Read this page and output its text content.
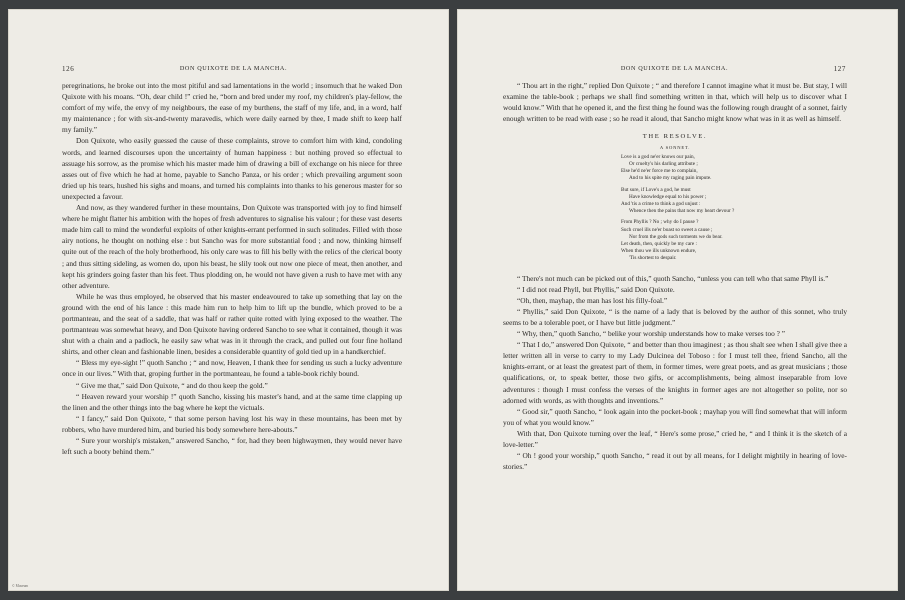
126	DON QUIXOTE DE LA MANCHA.

peregrinations, he broke out into the most pitiful and sad lamentations in the world ; insomuch that he waked Don Quixote with his moans. “Oh, dear child !” cried he, “born and bred under my roof, my children's play-fellow, the comfort of my wife, the envy of my neighbours, the ease of my burthens, the staff of my life, and, in a word, half my maintenance ; for with six-and-twenty maravedis, which were daily earned by thee, I made shift to keep half my family.”

Don Quixote, who easily guessed the cause of these complaints, strove to comfort him with kind, condoling words, and learned discourses upon the uncertainty of human happiness : but nothing proved so effectual to assuage his sorrow, as the promise which his master made him of drawing a bill of exchange on his niece for three asses out of five which he had at home, payable to Sancho Panza, or his order ; which prevailing argument soon dried up his tears, hushed his sighs and moans, and turned his complaints into thanks to his generous master for so unexpected a favour.

And now, as they wandered further in these mountains, Don Quixote was transported with joy to find himself where he might flatter his ambition with the hopes of fresh adventures to signalise his valour ; for these vast deserts made him call to mind the wonderful exploits of other knights-errant performed in such solitudes. Filled with those airy notions, he thought on nothing else : but Sancho was for more substantial food ; and now, thinking himself quite out of the reach of the holy brotherhood, his only care was to fill his belly with the relics of the clerical booty ; and thus sitting sideling, as women do, upon his beast, he slily took out now one piece of meat, then another, and kept his grinders going faster than his feet. Thus plodding on, he would not have given a rush to have met with any other adventure.

While he was thus employed, he observed that his master endeavoured to take up something that lay on the ground with the end of his lance : this made him run to help him to lift up the bundle, which proved to be a portmanteau, and the seat of a saddle, that was half or rather quite rotted with lying exposed to the weather. The portmanteau was somewhat heavy, and Don Quixote having ordered Sancho to see what it contained, though it was shut with a chain and a padlock, he easily saw what was in it through the crack, and pulled out four fine holland shirts, and other clean and fashionable linen, besides a considerable quantity of gold tied up in a handkerchief.

“ Bless my eye-sight !” quoth Sancho ; “ and now, Heaven, I thank thee for sending us such a lucky adventure once in our lives.” With that, groping further in the portmanteau, he found a table-book richly bound.

“ Give me that,” said Don Quixote, “ and do thou keep the gold.”

“ Heaven reward your worship !” quoth Sancho, kissing his master's hand, and at the same time clapping up the linen and the other things into the bag where he kept the victuals.

“ I fancy,” said Don Quixote, “ that some person having lost his way in these mountains, has been met by robbers, who have murdered him, and buried his body somewhere here-abouts.”

“ Sure your worship's mistaken,” answered Sancho, “ for, had they been highwaymen, they would never have left such a booty behind them.”

© Museum
DON QUIXOTE DE LA MANCHA.	127

“ Thou art in the right,” replied Don Quixote ; “ and therefore I cannot imagine what it must be. But stay, I will examine the table-book ; perhaps we shall find something written in that, which will help us to discover what I would know.” With that he opened it, and the first thing he found was the following rough draught of a sonnet, fairly enough written to be read with ease ; so he read it aloud, that Sancho might know what was in it as well as himself.

THE RESOLVE.
A SONNET.
Love is a god ne'er knows our pain,
Or cruelty's his darling attribute ;
Else he'd ne'er force me to complain,
And to his spite my raging pain impute.
But sure, if Love's a god, he must
Have knowledge equal to his power ;
And 'tis a crime to think a god unjust :
Whence then the pains that now my heart devour ?
From Phyllis ? No ; why do I pause ?
Such cruel ills ne'er boast so sweet a cause ;
Nor from the gods such torments we do bear.
Let death, then, quickly be my care :
When thou we ills unknown endure,
'Tis shortest to despair.

“ There's not much can be picked out of this,” quoth Sancho, “unless you can tell who that same Phyll is.”

“ I did not read Phyll, but Phyllis,” said Don Quixote.

“Oh, then, mayhap, the man has lost his filly-foal.”

“ Phyllis,” said Don Quixote, “ is the name of a lady that is beloved by the author of this sonnet, who truly seems to be a tolerable poet, or I have but little judgment.”

“ Why, then,” quoth Sancho, “ belike your worship understands how to make verses too ? ”

“ That I do,” answered Don Quixote, “ and better than thou imaginest ; as thou shalt see when I shall give thee a letter written all in verse to carry to my Lady Dulcinea del Toboso : for I must tell thee, friend Sancho, all the knights-errant, or at least the greatest part of them, in former times, were great poets, and as great musicians ; those qualifications, or, to speak better, those two gifts, or accomplishments, being almost inseparable from love adventures : though I must confess the verses of the knights in former ages are not altogether so polite, nor so adorned with words, as with thoughts and inventions.”

“ Good sir,” quoth Sancho, “ look again into the pocket-book ; mayhap you will find somewhat that will inform you of what you would know.”

With that, Don Quixote turning over the leaf, “ Here's some prose,” cried he, “ and I think it is the sketch of a love-letter.”

“ Oh ! good your worship,” quoth Sancho, “ read it out by all means, for I delight mightily in hearing of love-stories.”
